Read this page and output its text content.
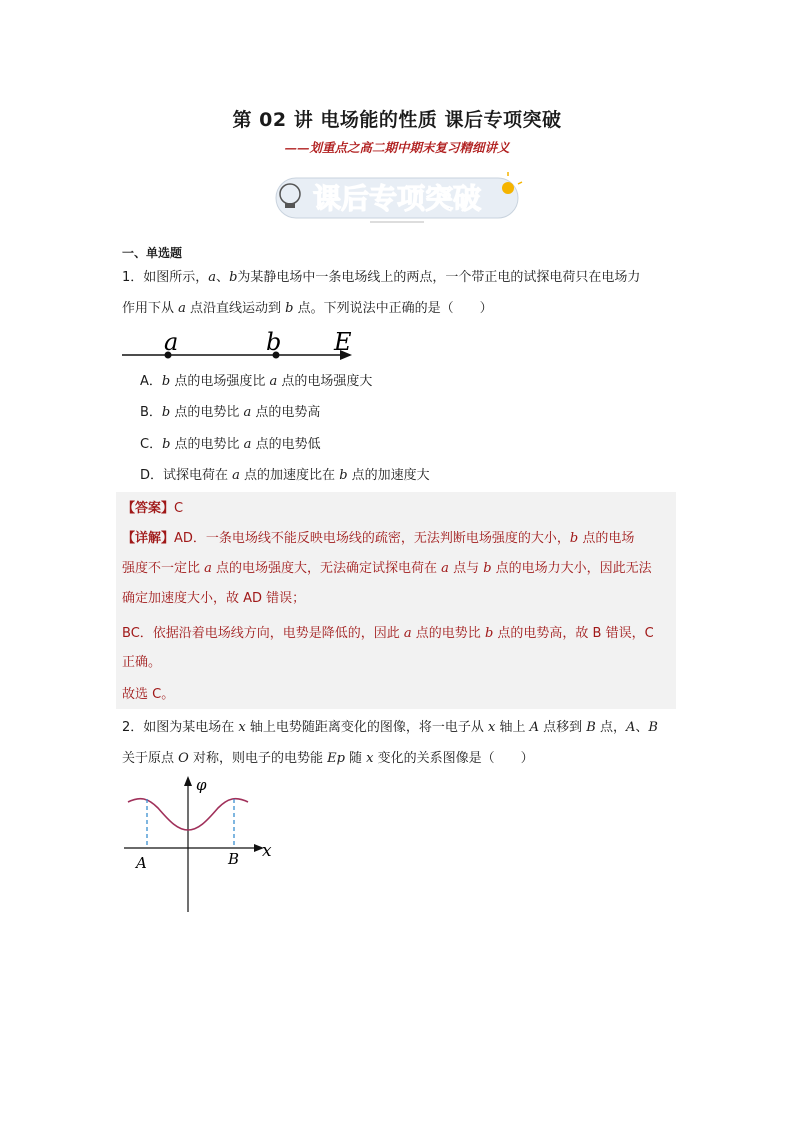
第 02 讲 电场能的性质 课后专项突破
——划重点之高二期中期末复习精细讲义
课后专项突破
一、单选题
1．如图所示，a、b为某静电场中一条电场线上的两点，一个带正电的试探电荷只在电场力
作用下从 a 点沿直线运动到 b 点。下列说法中正确的是（　　）
a	b E
A．b 点的电场强度比 a 点的电场强度大
B．b 点的电势比 a 点的电势高
C．b 点的电势比 a 点的电势低
D．试探电荷在 a 点的加速度比在 b 点的加速度大
【答案】C
【详解】AD．一条电场线不能反映电场线的疏密，无法判断电场强度的大小，b 点的电场
强度不一定比 a 点的电场强度大，无法确定试探电荷在 a 点与 b 点的电场力大小，因此无法
确定加速度大小，故 AD 错误；
BC．依据沿着电场线方向，电势是降低的，因此 a 点的电势比 b 点的电势高，故 B 错误，C
正确。
故选 C。
2．如图为某电场在 x 轴上电势随距离变化的图像，将一电子从 x 轴上 A 点移到 B 点，A、B
关于原点 O 对称，则电子的电势能 Ep 随 x 变化的关系图像是（　　）
φ
x
A	B
